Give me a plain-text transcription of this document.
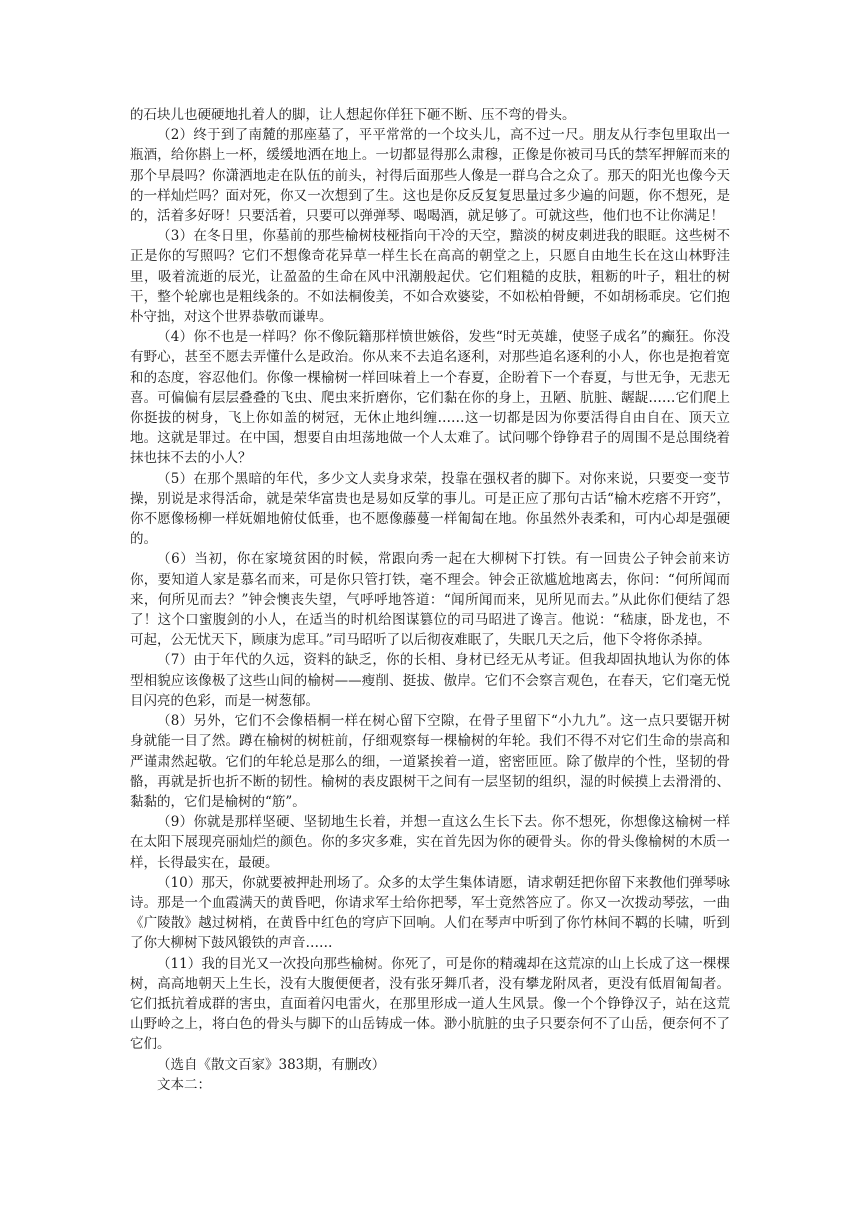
的石块儿也硬硬地扎着人的脚，让人想起你佯狂下砸不断、压不弯的骨头。

（2）终于到了南麓的那座墓了，平平常常的一个坟头儿，高不过一尺。朋友从行李包里取出一瓶酒，给你斟上一杯，缓缓地洒在地上。一切都显得那么肃穆，正像是你被司马氏的禁军押解而来的那个早晨吗？你潇洒地走在队伍的前头，衬得后面那些人像是一群乌合之众了。那天的阳光也像今天的一样灿烂吗？面对死，你又一次想到了生。这也是你反反复复思量过多少遍的问题，你不想死，是的，活着多好呀！只要活着，只要可以弹弹琴、喝喝酒，就足够了。可就这些，他们也不让你满足！

（3）在冬日里，你墓前的那些榆树枝桠指向干冷的天空，黯淡的树皮刺进我的眼眶。这些树不正是你的写照吗？它们不想像奇花异草一样生长在高高的朝堂之上，只愿自由地生长在这山林野洼里，吸着流逝的辰光，让盈盈的生命在风中汛潮般起伏。它们粗糙的皮肤，粗粝的叶子，粗壮的树干，整个轮廓也是粗线条的。不如法桐俊美，不如合欢婆娑，不如松柏骨鲠，不如胡杨乖戾。它们抱朴守拙，对这个世界恭敬而谦卑。

（4）你不也是一样吗？你不像阮籍那样愤世嫉俗，发些“时无英雄，使竖子成名”的癫狂。你没有野心，甚至不愿去弄懂什么是政治。你从来不去追名逐利，对那些追名逐利的小人，你也是抱着宽和的态度，容忍他们。你像一棵榆树一样回味着上一个春夏，企盼着下一个春夏，与世无争，无悲无喜。可偏偏有层层叠叠的飞虫、爬虫来折磨你，它们黏在你的身上，丑陋、肮脏、龌龊……它们爬上你挺拔的树身，飞上你如盖的树冠，无休止地纠缠……这一切都是因为你要活得自由自在、顶天立地。这就是罪过。在中国，想要自由坦荡地做一个人太难了。试问哪个铮铮君子的周围不是总围绕着抹也抹不去的小人？

（5）在那个黑暗的年代，多少文人卖身求荣，投靠在强权者的脚下。对你来说，只要变一变节操，别说是求得活命，就是荣华富贵也是易如反掌的事儿。可是正应了那句古话“榆木疙瘩不开窍”，你不愿像杨柳一样妩媚地俯仗低垂，也不愿像藤蔓一样匍匐在地。你虽然外表柔和，可内心却是强硬的。

（6）当初，你在家境贫困的时候，常跟向秀一起在大柳树下打铁。有一回贵公子钟会前来访你，要知道人家是慕名而来，可是你只管打铁，毫不理会。钟会正欲尴尬地离去，你问：“何所闻而来，何所见而去？”钟会懊丧失望，气呼呼地答道：“闻所闻而来，见所见而去。”从此你们便结了怨了！这个口蜜腹剑的小人，在适当的时机给图谋篡位的司马昭进了谗言。他说：“嵇康，卧龙也，不可起，公无忧天下，顾康为虑耳。”司马昭听了以后彻夜难眠了，失眠几天之后，他下令将你杀掉。

（7）由于年代的久远，资料的缺乏，你的长相、身材已经无从考证。但我却固执地认为你的体型相貌应该像极了这些山间的榆树——瘦削、挺拔、傲岸。它们不会察言观色，在春天，它们毫无悦目闪亮的色彩，而是一树葱郁。

（8）另外，它们不会像梧桐一样在树心留下空隙，在骨子里留下“小九九”。这一点只要锯开树身就能一目了然。蹲在榆树的树桩前，仔细观察每一棵榆树的年轮。我们不得不对它们生命的崇高和严谨肃然起敬。它们的年轮总是那么的细，一道紧挨着一道，密密匝匝。除了傲岸的个性，坚韧的骨骼，再就是折也折不断的韧性。榆树的表皮跟树干之间有一层坚韧的组织，湿的时候摸上去滑滑的、黏黏的，它们是榆树的“筋”。

（9）你就是那样坚硬、坚韧地生长着，并想一直这么生长下去。你不想死，你想像这榆树一样在太阳下展现亮丽灿烂的颜色。你的多灾多难，实在首先因为你的硬骨头。你的骨头像榆树的木质一样，长得最实在，最硬。

（10）那天，你就要被押赴刑场了。众多的太学生集体请愿，请求朝廷把你留下来教他们弹琴咏诗。那是一个血霞满天的黄昏吧，你请求军士给你把琴，军士竟然答应了。你又一次拨动琴弦，一曲《广陵散》越过树梢，在黄昏中红色的穹庐下回响。人们在琴声中听到了你竹林间不羁的长啸，听到了你大柳树下鼓风锻铁的声音……

（11）我的目光又一次投向那些榆树。你死了，可是你的精魂却在这荒凉的山上长成了这一棵棵树，高高地朝天上生长，没有大腹便便者，没有张牙舞爪者，没有攀龙附凤者，更没有低眉匍匐者。它们抵抗着成群的害虫，直面着闪电雷火，在那里形成一道人生风景。像一个个铮铮汉子，站在这荒山野岭之上，将白色的骨头与脚下的山岳铸成一体。渺小肮脏的虫子只要奈何不了山岳，便奈何不了它们。

（选自《散文百家》383期，有删改）

文本二：
